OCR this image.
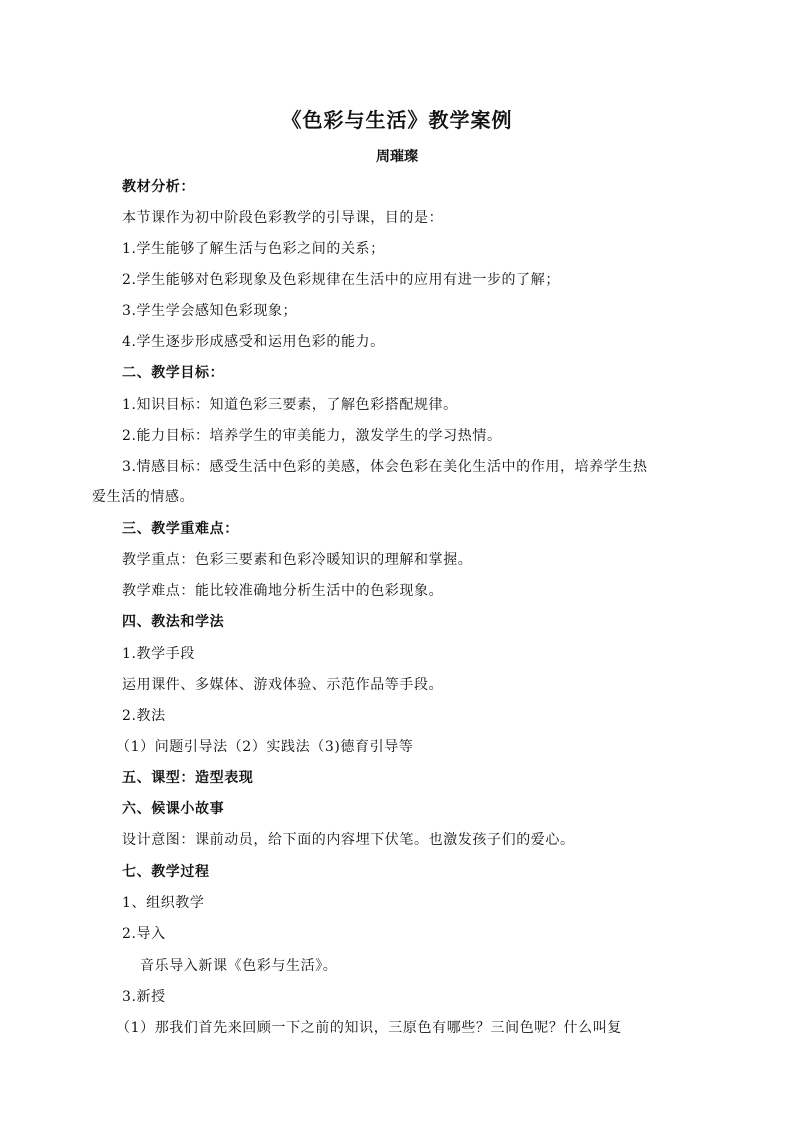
《色彩与生活》教学案例
周璀璨
教材分析：
本节课作为初中阶段色彩教学的引导课，目的是：
1.学生能够了解生活与色彩之间的关系；
2.学生能够对色彩现象及色彩规律在生活中的应用有进一步的了解；
3.学生学会感知色彩现象；
4.学生逐步形成感受和运用色彩的能力。
二、教学目标：
1.知识目标：知道色彩三要素，了解色彩搭配规律。
2.能力目标：培养学生的审美能力，激发学生的学习热情。
3.情感目标：感受生活中色彩的美感，体会色彩在美化生活中的作用，培养学生热
爱生活的情感。
三、教学重难点：
教学重点：色彩三要素和色彩冷暖知识的理解和掌握。
教学难点：能比较准确地分析生活中的色彩现象。
四、教法和学法
1.教学手段
运用课件、多媒体、游戏体验、示范作品等手段。
2.教法
（1）问题引导法（2）实践法（3)德育引导等
五、课型：造型表现
六、候课小故事
设计意图：课前动员，给下面的内容埋下伏笔。也激发孩子们的爱心。
七、教学过程
1、组织教学
2.导入
音乐导入新课《色彩与生活》。
3.新授
（1）那我们首先来回顾一下之前的知识，三原色有哪些？三间色呢？什么叫复
